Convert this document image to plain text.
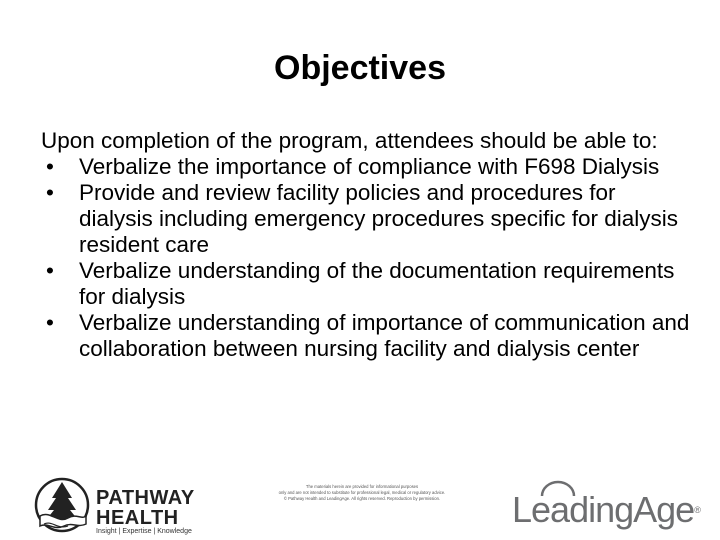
Objectives

Upon completion of the program, attendees should be able to:

• Verbalize the importance of compliance with F698 Dialysis
• Provide and review facility policies and procedures for dialysis including emergency procedures specific for dialysis resident care
• Verbalize understanding of the documentation requirements for dialysis
• Verbalize understanding of importance of communication and collaboration between nursing facility and dialysis center
PATHWAY
HEALTH
Insight | Expertise | Knowledge
The materials herein are provided for informational purposes
only and are not intended to substitute for professional legal, medical or regulatory advice.
© Pathway Health and LeadingAge. All rights reserved. Reproduction by permission.	LeadingAge®
